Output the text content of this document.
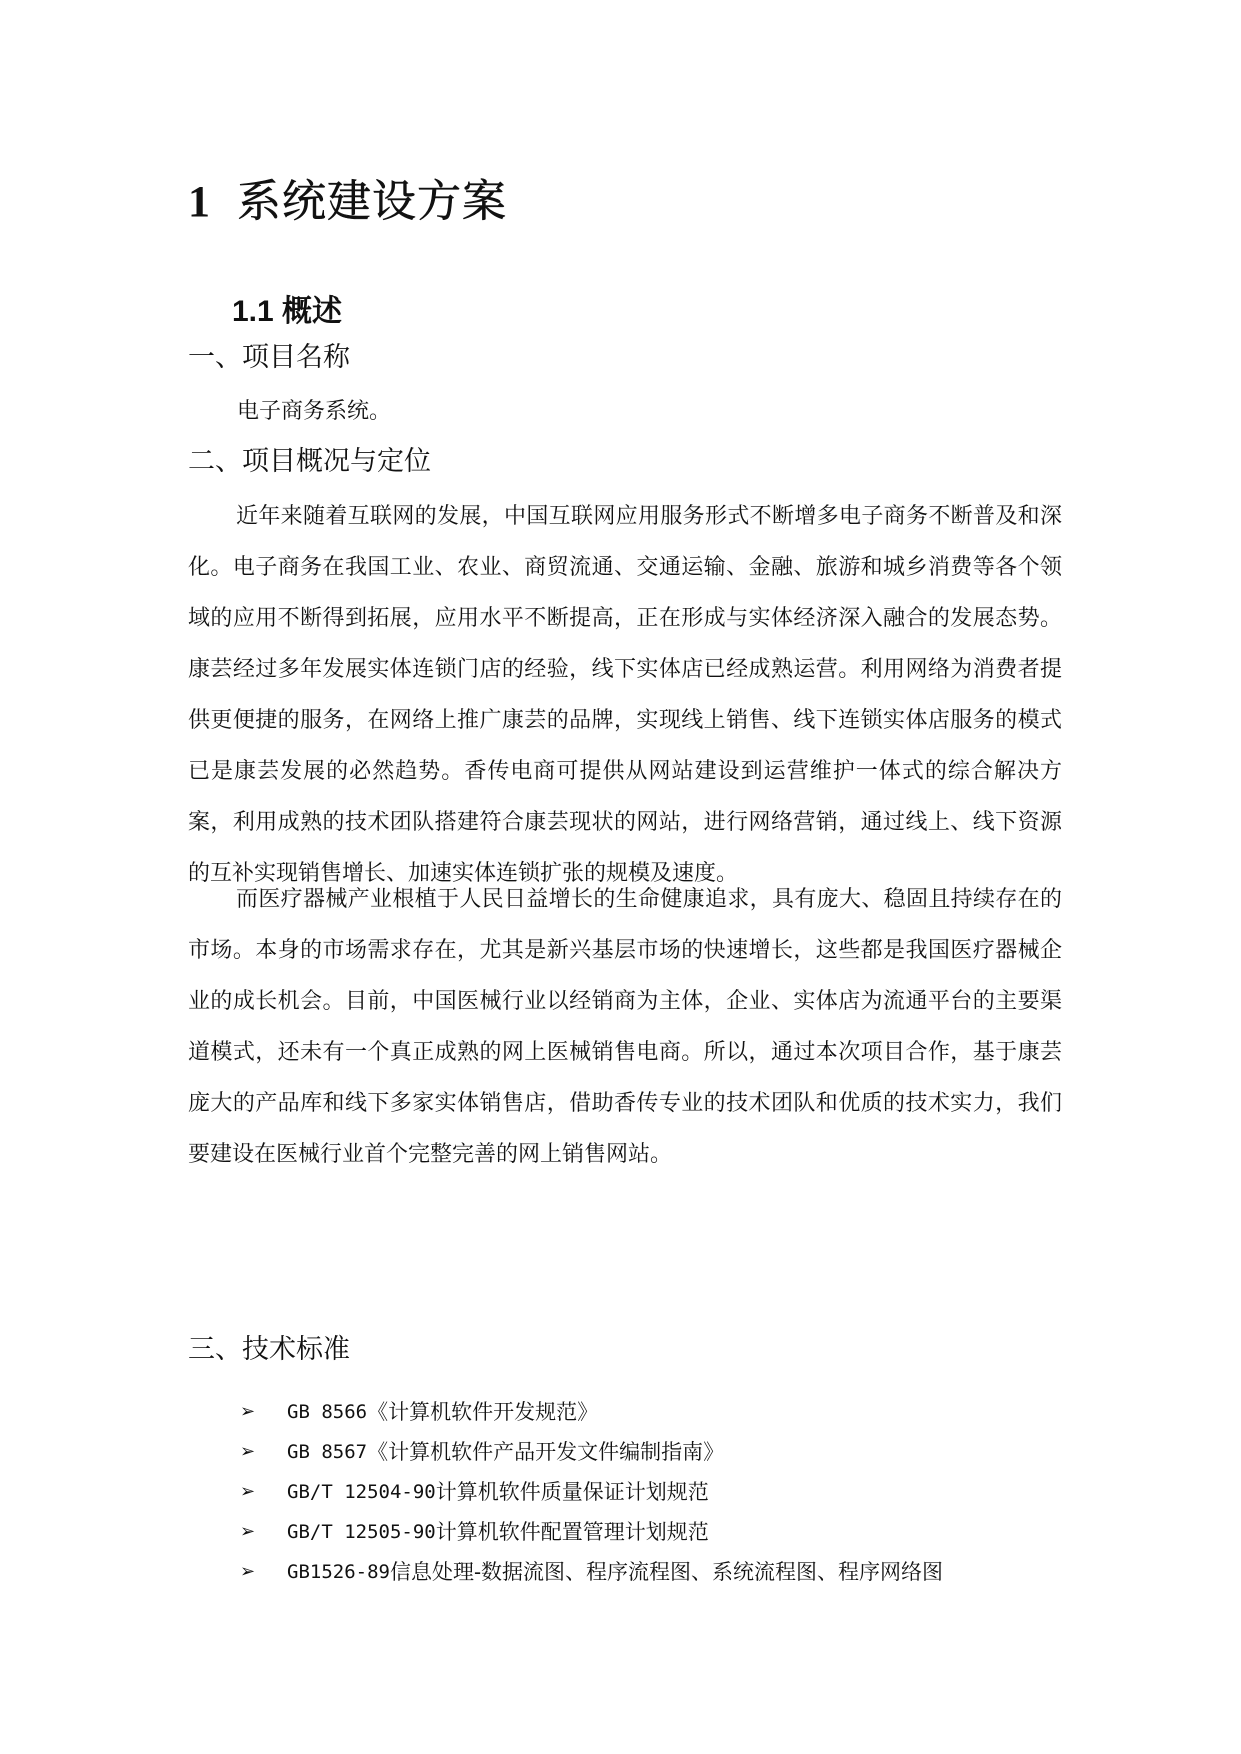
1 系统建设方案
1.1 概述
一、项目名称
电子商务系统。
二、项目概况与定位

近年来随着互联网的发展，中国互联网应用服务形式不断增多电子商务不断普及和深化。电子商务在我国工业、农业、商贸流通、交通运输、金融、旅游和城乡消费等各个领域的应用不断得到拓展，应用水平不断提高，正在形成与实体经济深入融合的发展态势。康芸经过多年发展实体连锁门店的经验，线下实体店已经成熟运营。利用网络为消费者提供更便捷的服务，在网络上推广康芸的品牌，实现线上销售、线下连锁实体店服务的模式已是康芸发展的必然趋势。香传电商可提供从网站建设到运营维护一体式的综合解决方案，利用成熟的技术团队搭建符合康芸现状的网站，进行网络营销，通过线上、线下资源的互补实现销售增长、加速实体连锁扩张的规模及速度。

而医疗器械产业根植于人民日益增长的生命健康追求，具有庞大、稳固且持续存在的市场。本身的市场需求存在，尤其是新兴基层市场的快速增长，这些都是我国医疗器械企业的成长机会。目前，中国医械行业以经销商为主体，企业、实体店为流通平台的主要渠道模式，还未有一个真正成熟的网上医械销售电商。所以，通过本次项目合作，基于康芸庞大的产品库和线下多家实体销售店，借助香传专业的技术团队和优质的技术实力，我们要建设在医械行业首个完整完善的网上销售网站。

三、技术标准
➢	GB 8566 《计算机软件开发规范》
➢	GB 8567 《计算机软件产品开发文件编制指南》
➢	GB/T 12504-90 计算机软件质量保证计划规范
➢	GB/T 12505-90 计算机软件配置管理计划规范
➢	GB1526-89 信息处理-数据流图、程序流程图、系统流程图、程序网络图
